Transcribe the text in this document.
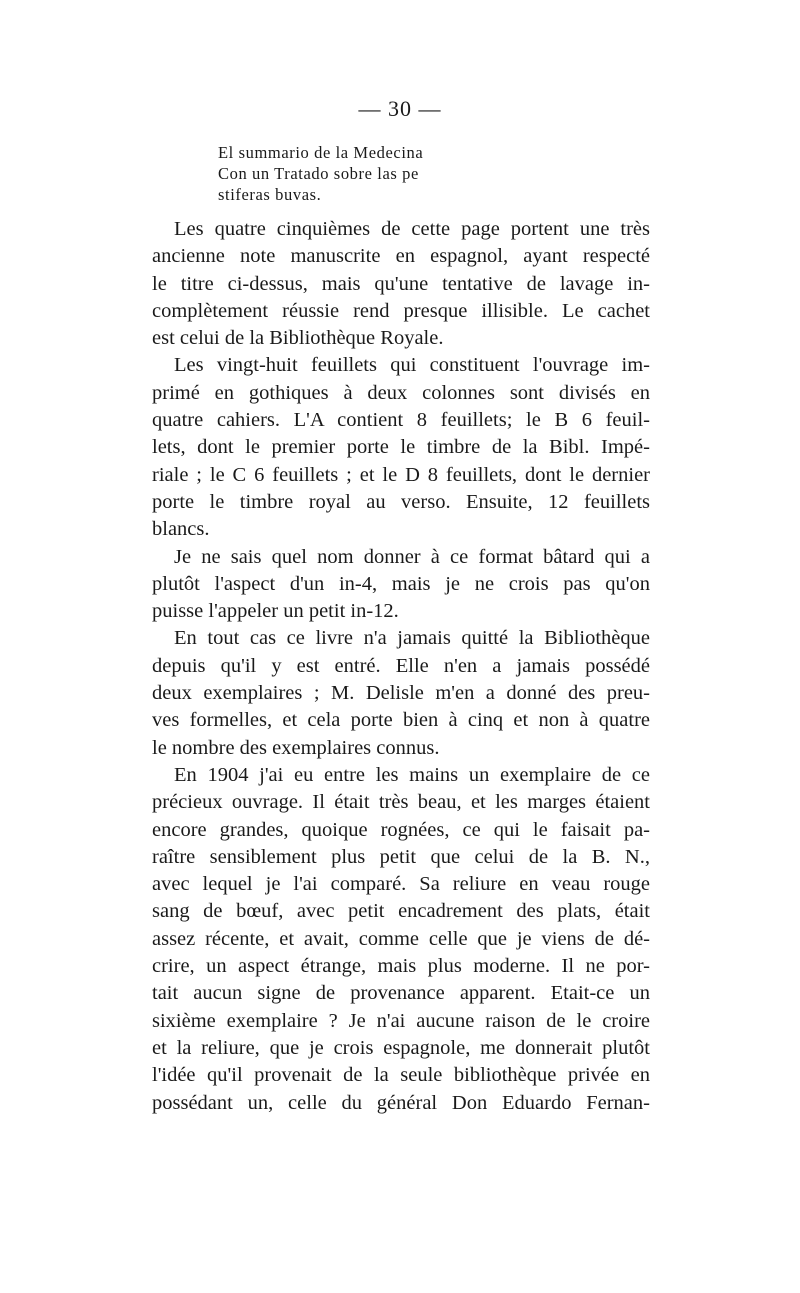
— 30 —
El summario de la Medecina
Con un Tratado sobre las pe
stiferas buvas.
Les quatre cinquièmes de cette page portent une très
ancienne note manuscrite en espagnol, ayant respecté
le titre ci-dessus, mais qu'une tentative de lavage in-
complètement réussie rend presque illisible. Le cachet
est celui de la Bibliothèque Royale.
Les vingt-huit feuillets qui constituent l'ouvrage im-
primé en gothiques à deux colonnes sont divisés en
quatre cahiers. L'A contient 8 feuillets; le B 6 feuil-
lets, dont le premier porte le timbre de la Bibl. Impé-
riale ; le C 6 feuillets ; et le D 8 feuillets, dont le dernier
porte le timbre royal au verso. Ensuite, 12 feuillets
blancs.
Je ne sais quel nom donner à ce format bâtard qui a
plutôt l'aspect d'un in-4, mais je ne crois pas qu'on
puisse l'appeler un petit in-12.
En tout cas ce livre n'a jamais quitté la Bibliothèque
depuis qu'il y est entré. Elle n'en a jamais possédé
deux exemplaires ; M. Delisle m'en a donné des preu-
ves formelles, et cela porte bien à cinq et non à quatre
le nombre des exemplaires connus.
En 1904 j'ai eu entre les mains un exemplaire de ce
précieux ouvrage. Il était très beau, et les marges étaient
encore grandes, quoique rognées, ce qui le faisait pa-
raître sensiblement plus petit que celui de la B. N.,
avec lequel je l'ai comparé. Sa reliure en veau rouge
sang de bœuf, avec petit encadrement des plats, était
assez récente, et avait, comme celle que je viens de dé-
crire, un aspect étrange, mais plus moderne. Il ne por-
tait aucun signe de provenance apparent. Etait-ce un
sixième exemplaire ? Je n'ai aucune raison de le croire
et la reliure, que je crois espagnole, me donnerait plutôt
l'idée qu'il provenait de la seule bibliothèque privée en
possédant un, celle du général Don Eduardo Fernan-
